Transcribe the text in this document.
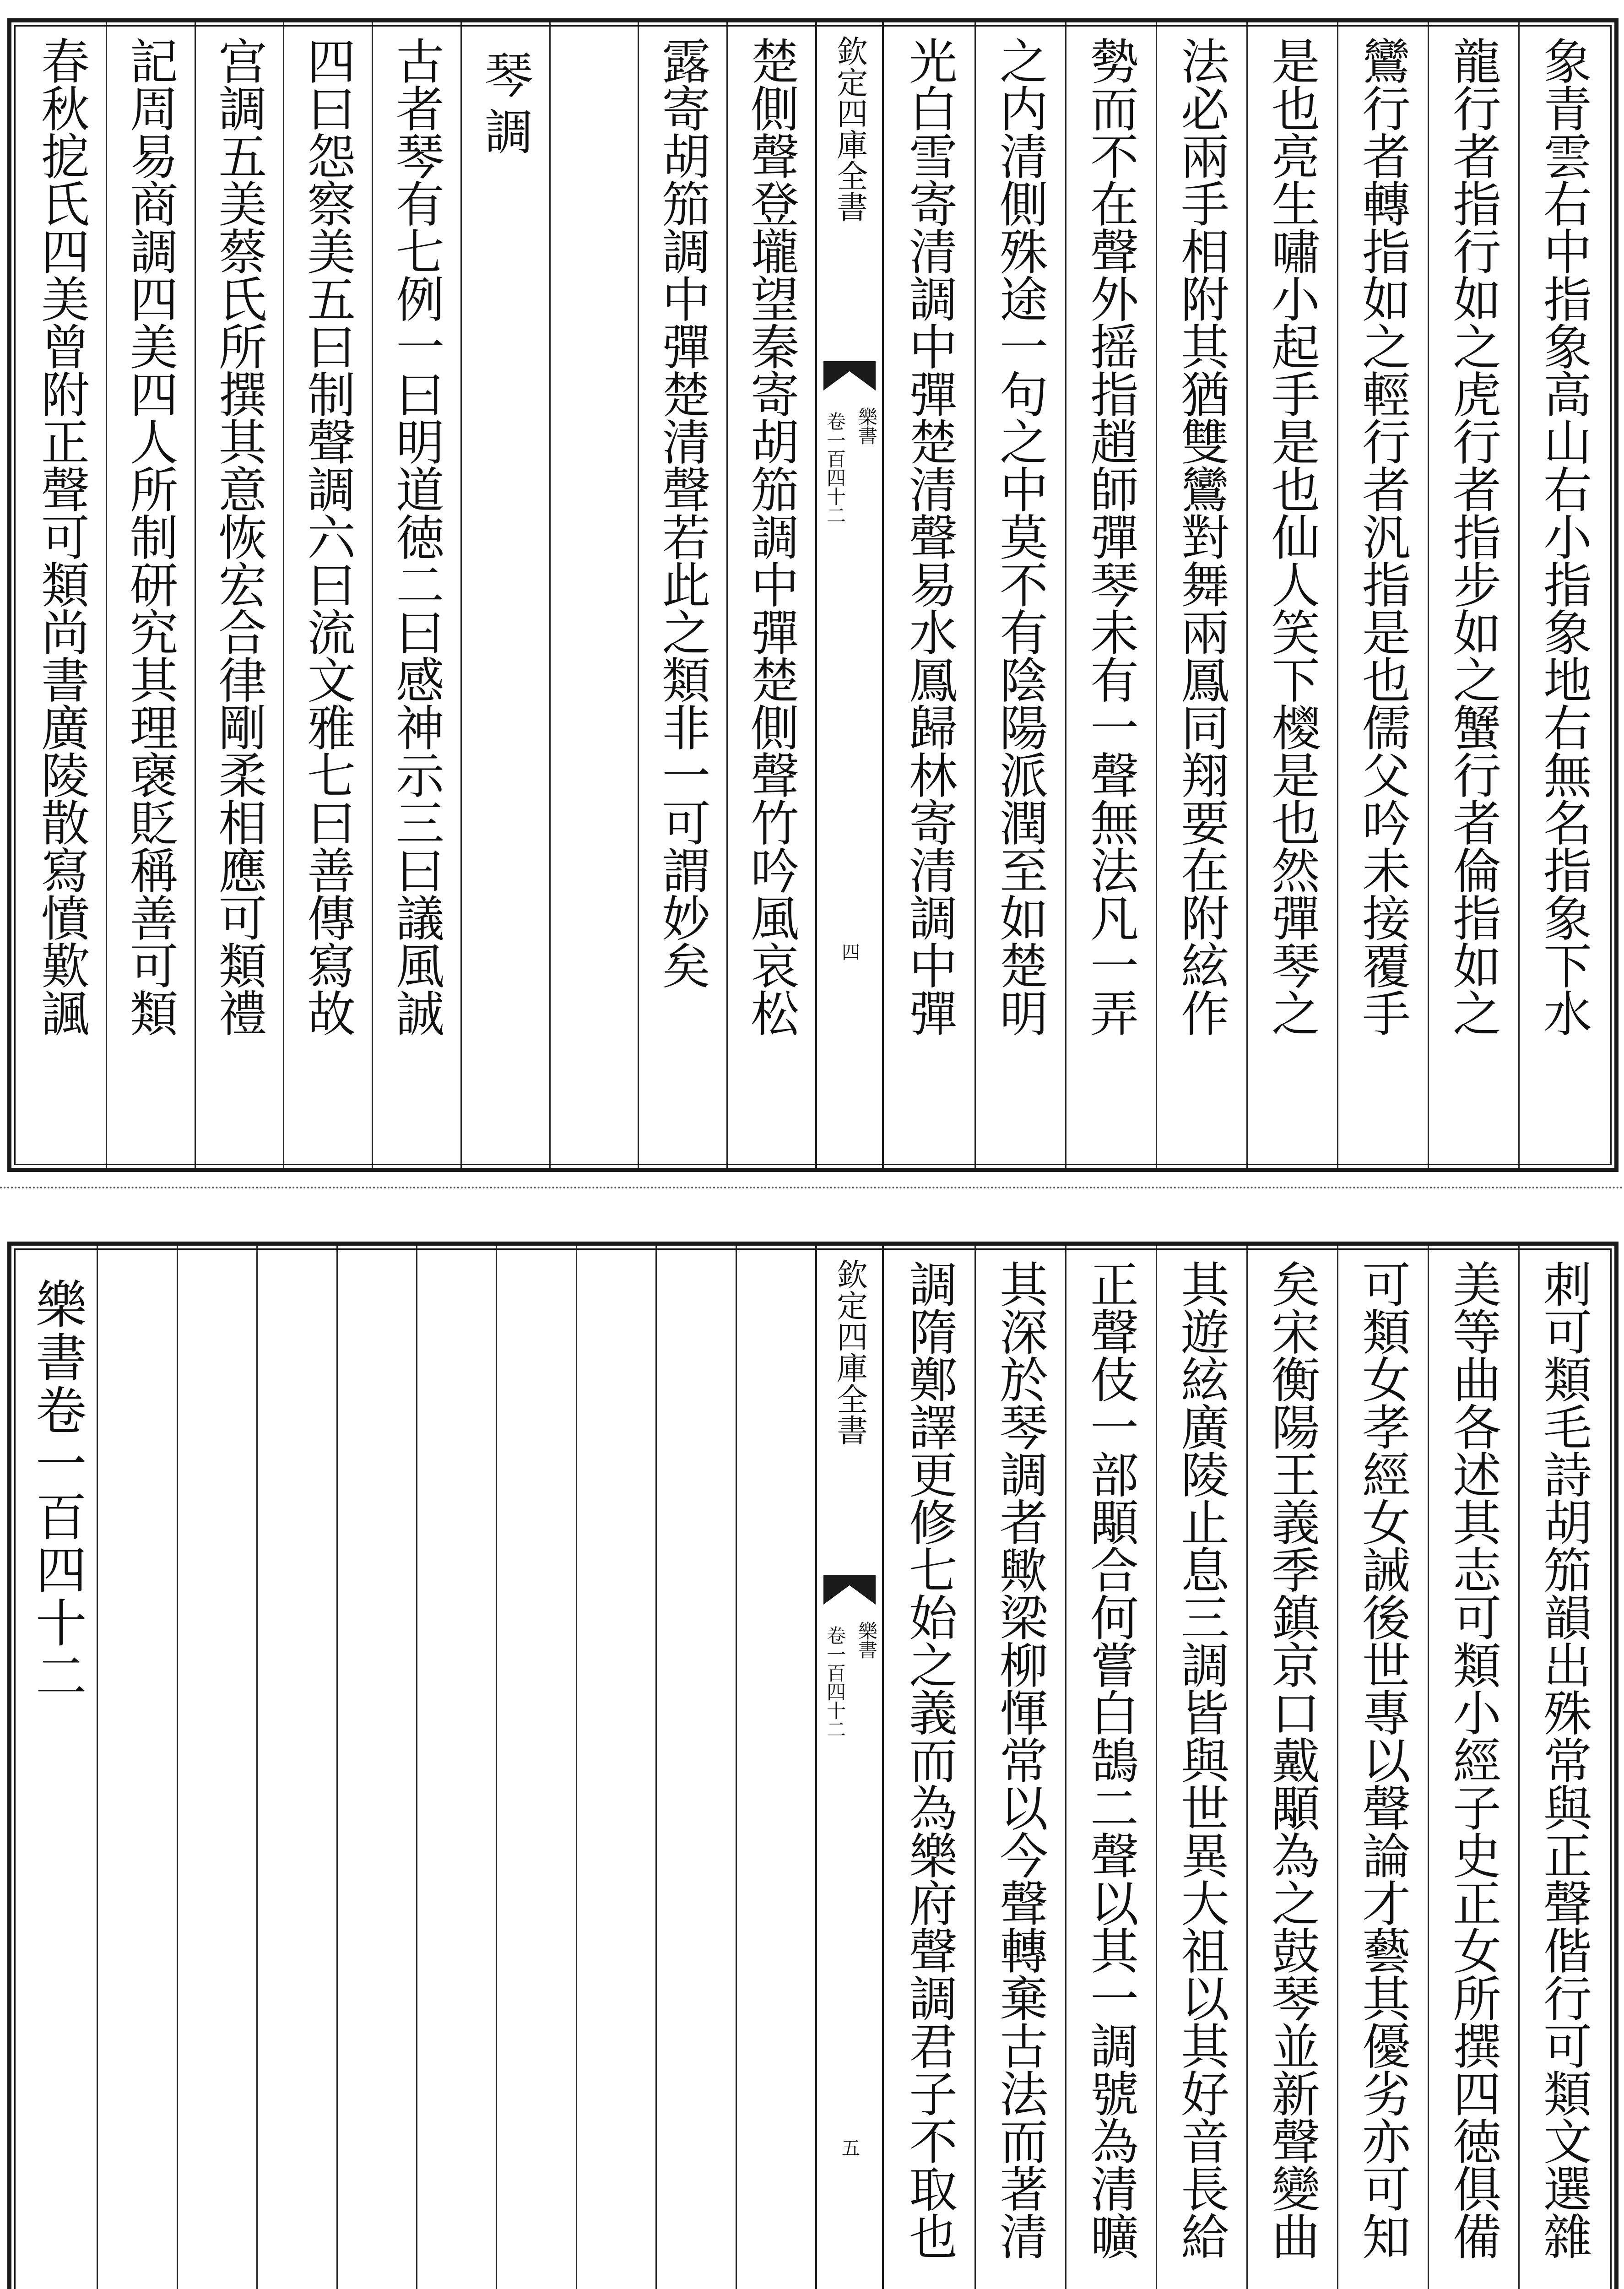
象青雲右中指象高山右小指象地右無名指象下水
龍行者指行如之虎行者指步如之蟹行者倫指如之
鸞行者轉指如之輕行者汎指是也儒父吟未接覆手
是也亮生嘯小起手是也仙人笑下㯶是也然彈琴之
法必兩手相附其猶雙鸞對舞兩鳳同翔要在附絃作
勢而不在聲外摇指趙師彈琴未有一聲無法凡一弄
之内清側殊途一句之中莫不有陰陽派潤至如楚明
光白雪寄清調中彈楚清聲易水鳳歸林寄清調中彈
欽定四庫全書
樂書
卷一百四十二
四
楚側聲登壠望秦寄胡笳調中彈楚側聲竹吟風哀松
露寄胡笳調中彈楚清聲若此之類非一可謂妙矣
琴調
古者琴有七例一曰明道徳二曰感神示三曰議風誠
四曰怨察美五曰制聲調六曰流文雅七曰善傳寫故
宫調五美蔡氏所撰其意恢宏合律剛柔相應可類禮
記周易商調四美四人所制研究其理襃貶稱善可類
春秋㧖氏四美曾附正聲可類尚書廣陵散寫憤歎諷
刺可類毛詩胡笳韻出殊常與正聲偕行可類文選雜
美等曲各述其志可類小經子史正女所撰四徳俱備
可類女孝經女誡後世專以聲論才藝其優劣亦可知
矣宋衡陽王義季鎮京口戴顒為之鼓琴並新聲變曲
其遊絃廣陵止息三調皆與世異大祖以其好音長給
正聲伎一部顒合何嘗白鵠二聲以其一調號為清曠
其深於琴調者歟梁柳惲常以今聲轉棄古法而著清
調隋鄭譯更修七始之義而為樂府聲調君子不取也
欽定四庫全書
樂書
卷一百四十二
五
樂書卷一百四十二
